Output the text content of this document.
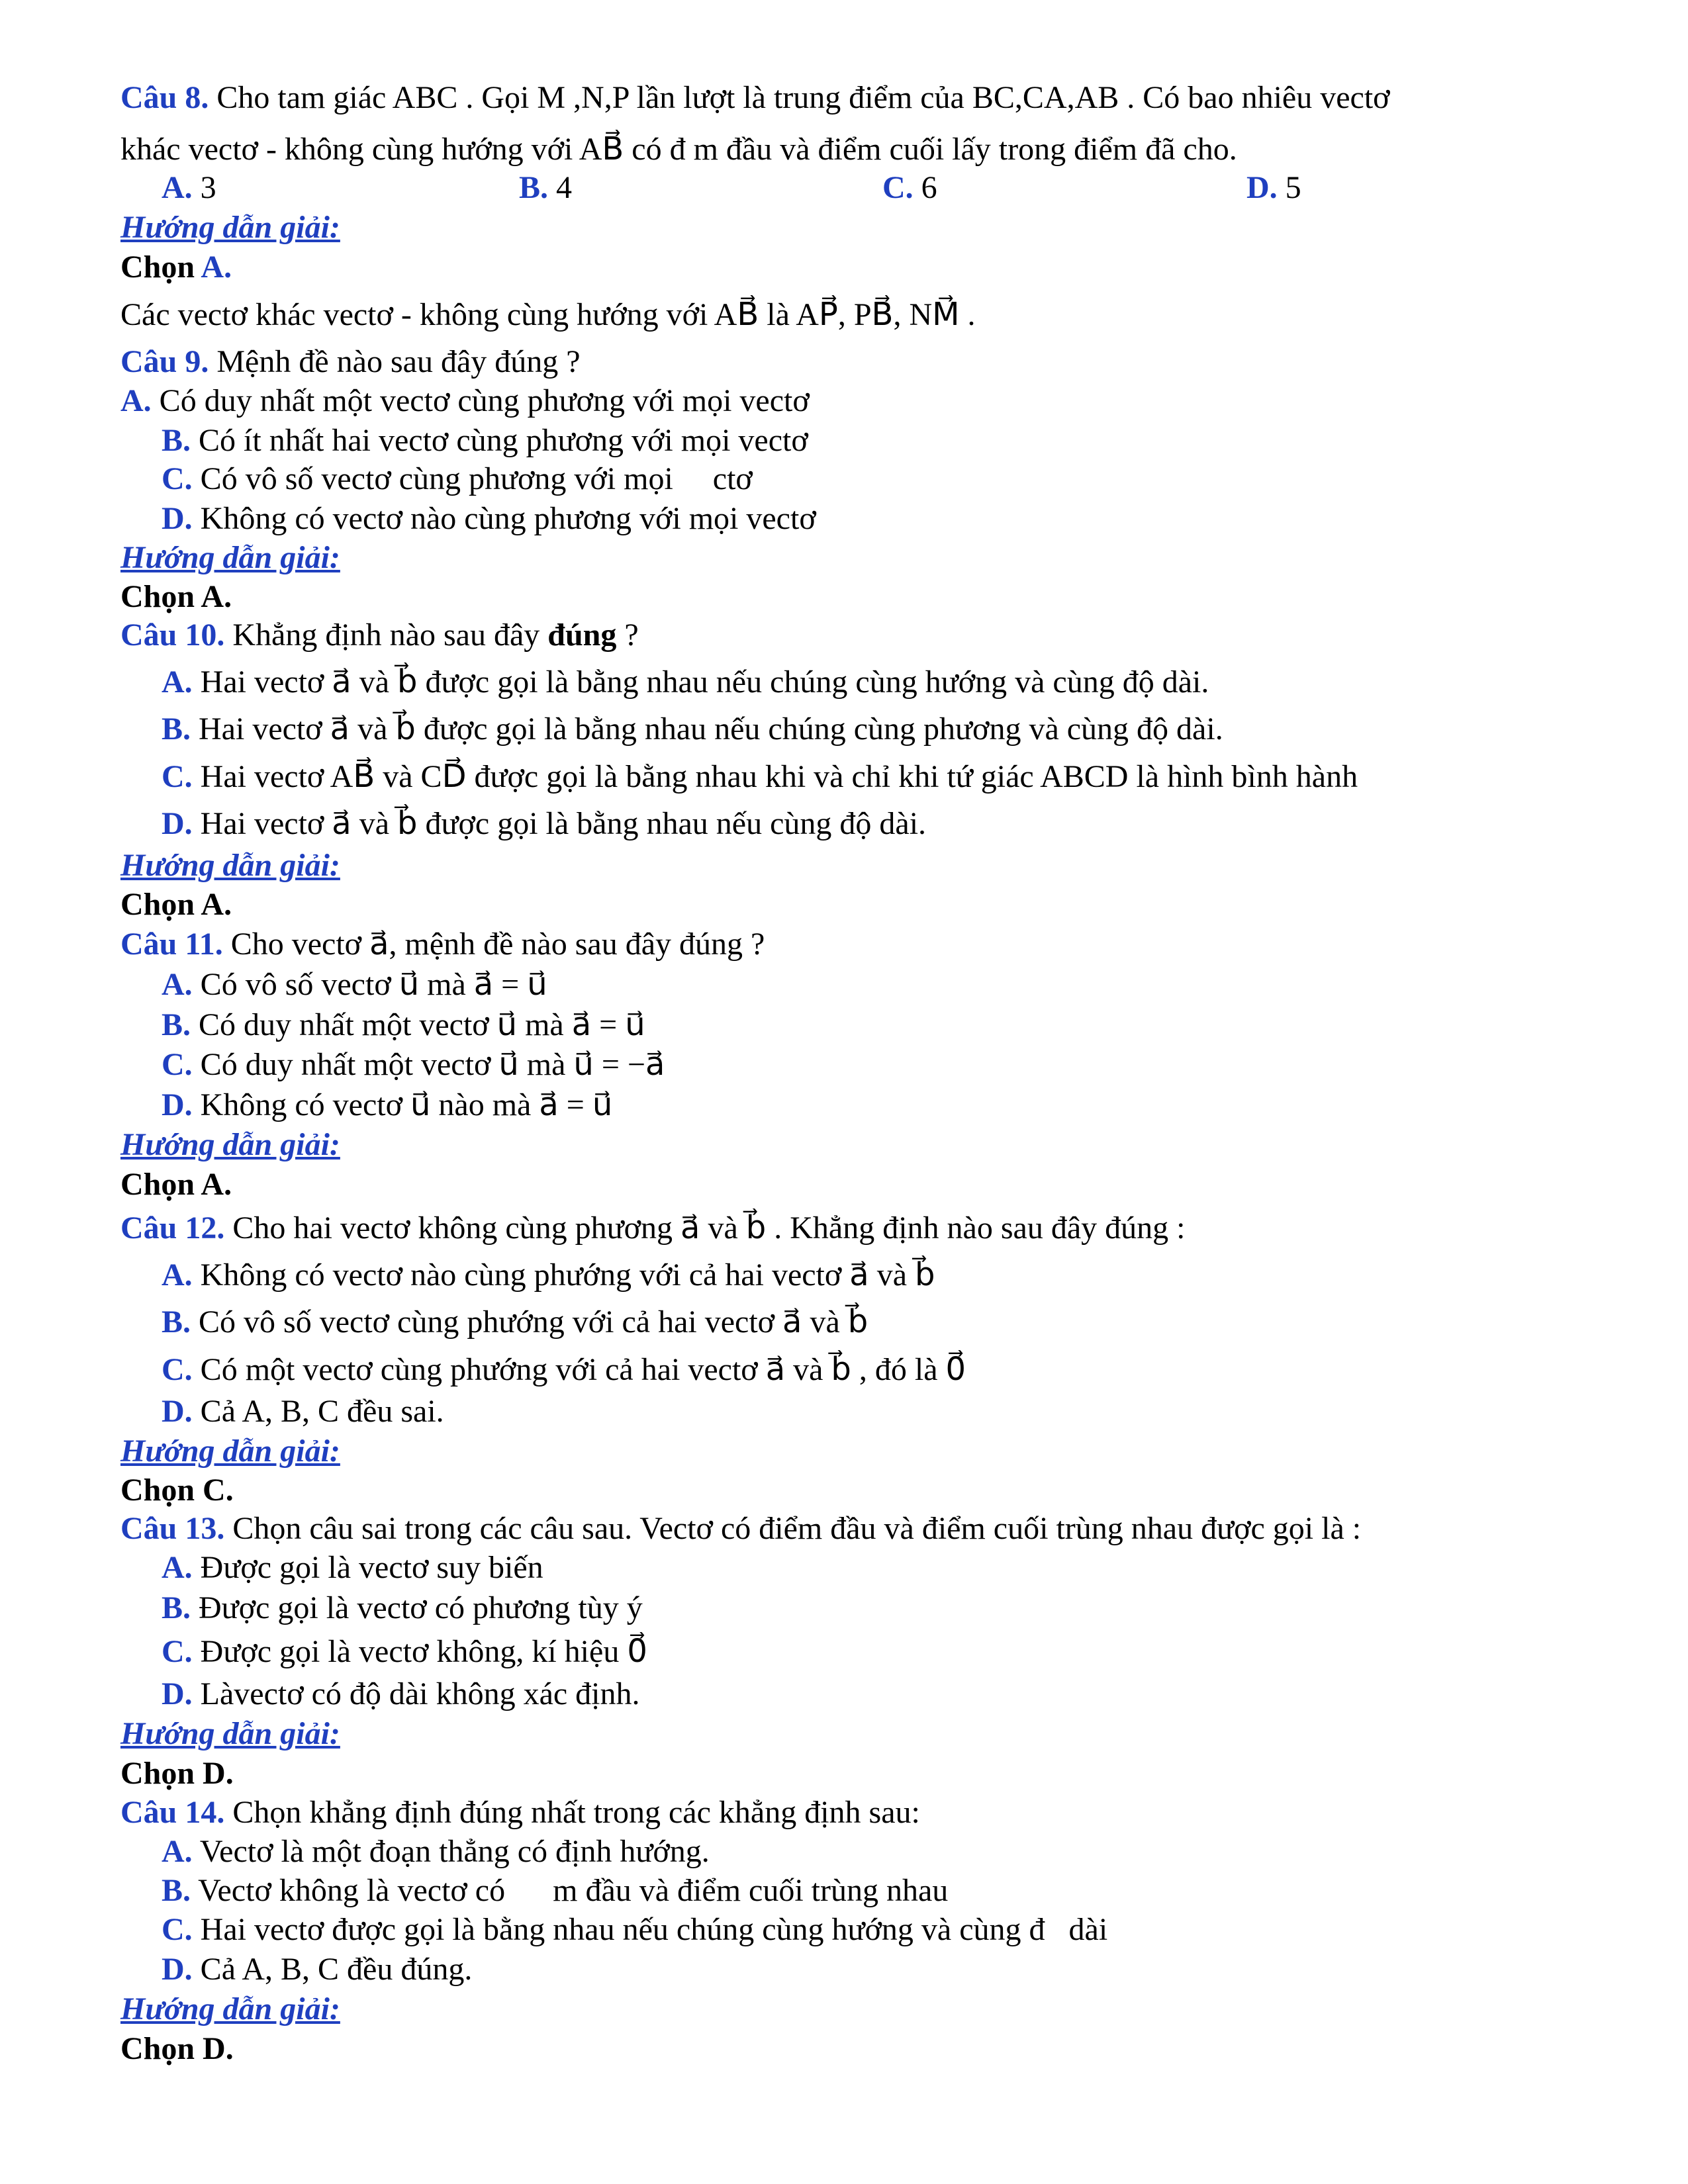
Câu 8. Cho tam giác ABC . Gọi M ,N,P lần lượt là trung điểm của BC,CA,AB . Có bao nhiêu vectơ
khác vectơ - không cùng hướng với AB⃗ có đ m đầu và điểm cuối lấy trong điểm đã cho.
A. 3	B. 4	C. 6	D. 5
Hướng dẫn giải:
Chọn A.
Các vectơ khác vectơ - không cùng hướng với AB⃗ là AP⃗, PB⃗, NM⃗ .
Câu 9. Mệnh đề nào sau đây đúng ?
A. Có duy nhất một vectơ cùng phương với mọi vectơ
B. Có ít nhất hai vectơ cùng phương với mọi vectơ
C. Có vô số vectơ cùng phương với mọi     ctơ
D. Không có vectơ nào cùng phương với mọi vectơ
Hướng dẫn giải:
Chọn A.
Câu 10. Khẳng định nào sau đây đúng ?
A. Hai vectơ a⃗ và b⃗ được gọi là bằng nhau nếu chúng cùng hướng và cùng độ dài.
B. Hai vectơ a⃗ và b⃗ được gọi là bằng nhau nếu chúng cùng phương và cùng độ dài.
C. Hai vectơ AB⃗ và CD⃗ được gọi là bằng nhau khi và chỉ khi tứ giác ABCD là hình bình hành
D. Hai vectơ a⃗ và b⃗ được gọi là bằng nhau nếu cùng độ dài.
Hướng dẫn giải:
Chọn A.
Câu 11. Cho vectơ a⃗, mệnh đề nào sau đây đúng ?
A. Có vô số vectơ u⃗ mà a⃗ = u⃗
B. Có duy nhất một vectơ u⃗ mà a⃗ = u⃗
C. Có duy nhất một vectơ u⃗ mà u⃗ = −a⃗
D. Không có vectơ u⃗ nào mà a⃗ = u⃗
Hướng dẫn giải:
Chọn A.
Câu 12. Cho hai vectơ không cùng phương a⃗ và b⃗ . Khẳng định nào sau đây đúng :
A. Không có vectơ nào cùng phướng với cả hai vectơ a⃗ và b⃗
B. Có vô số vectơ cùng phướng với cả hai vectơ a⃗ và b⃗
C. Có một vectơ cùng phướng với cả hai vectơ a⃗ và b⃗ , đó là 0⃗
D. Cả A, B, C đều sai.
Hướng dẫn giải:
Chọn C.
Câu 13. Chọn câu sai trong các câu sau. Vectơ có điểm đầu và điểm cuối trùng nhau được gọi là :
A. Được gọi là vectơ suy biến
B. Được gọi là vectơ có phương tùy ý
C. Được gọi là vectơ không, kí hiệu 0⃗
D. Làvectơ có độ dài không xác định.
Hướng dẫn giải:
Chọn D.
Câu 14. Chọn khẳng định đúng nhất trong các khẳng định sau:
A. Vectơ là một đoạn thẳng có định hướng.
B. Vectơ không là vectơ có      m đầu và điểm cuối trùng nhau
C. Hai vectơ được gọi là bằng nhau nếu chúng cùng hướng và cùng đ   dài
D. Cả A, B, C đều đúng.
Hướng dẫn giải:
Chọn D.
